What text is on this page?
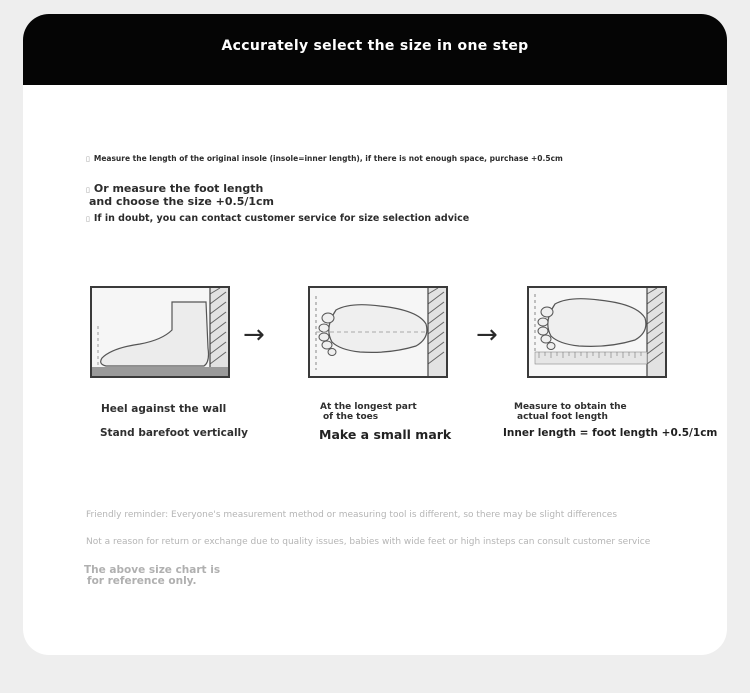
Accurately select the size in one step
▯ Measure the length of the original insole (insole=inner length), if there is not enough space, purchase +0.5cm
▯ Or measure the foot length
and choose the size +0.5/1cm
▯ If in doubt, you can contact customer service for size selection advice
→	→
Heel against the wall
Stand barefoot vertically
At the longest part
of the toes
Make a small mark
Measure to obtain the
actual foot length
Inner length = foot length +0.5/1cm
Friendly reminder: Everyone's measurement method or measuring tool is different, so there may be slight differences
Not a reason for return or exchange due to quality issues, babies with wide feet or high insteps can consult customer service
The above size chart is
for reference only.
